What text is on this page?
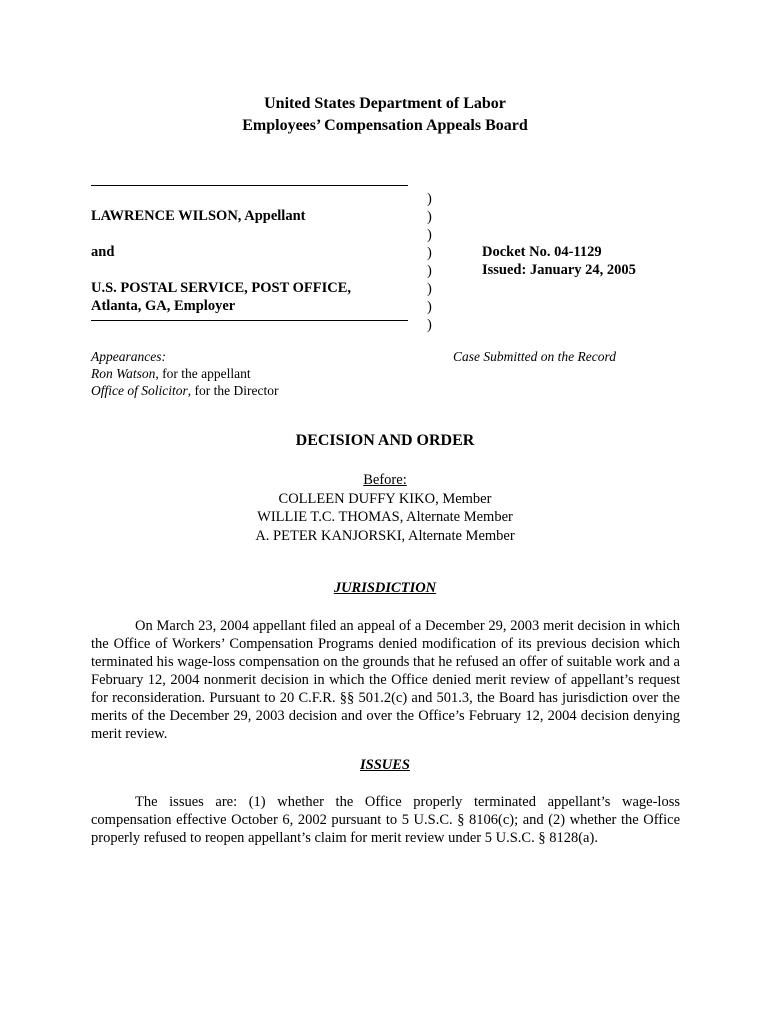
United States Department of Labor
Employees’ Compensation Appeals Board
LAWRENCE WILSON, Appellant
and
U.S. POSTAL SERVICE, POST OFFICE,
Atlanta, GA, Employer
)
)
)
)
)
)
)
)
Docket No. 04-1129
Issued: January 24, 2005
Appearances:
Ron Watson, for the appellant
Office of Solicitor, for the Director
Case Submitted on the Record
DECISION AND ORDER
Before:
COLLEEN DUFFY KIKO, Member
WILLIE T.C. THOMAS, Alternate Member
A. PETER KANJORSKI, Alternate Member
JURISDICTION
On March 23, 2004 appellant filed an appeal of a December 29, 2003 merit decision in which the Office of Workers’ Compensation Programs denied modification of its previous decision which terminated his wage-loss compensation on the grounds that he refused an offer of suitable work and a February 12, 2004 nonmerit decision in which the Office denied merit review of appellant’s request for reconsideration. Pursuant to 20 C.F.R. §§ 501.2(c) and 501.3, the Board has jurisdiction over the merits of the December 29, 2003 decision and over the Office’s February 12, 2004 decision denying merit review.
ISSUES
The issues are: (1) whether the Office properly terminated appellant’s wage-loss compensation effective October 6, 2002 pursuant to 5 U.S.C. § 8106(c); and (2) whether the Office properly refused to reopen appellant’s claim for merit review under 5 U.S.C. § 8128(a).
